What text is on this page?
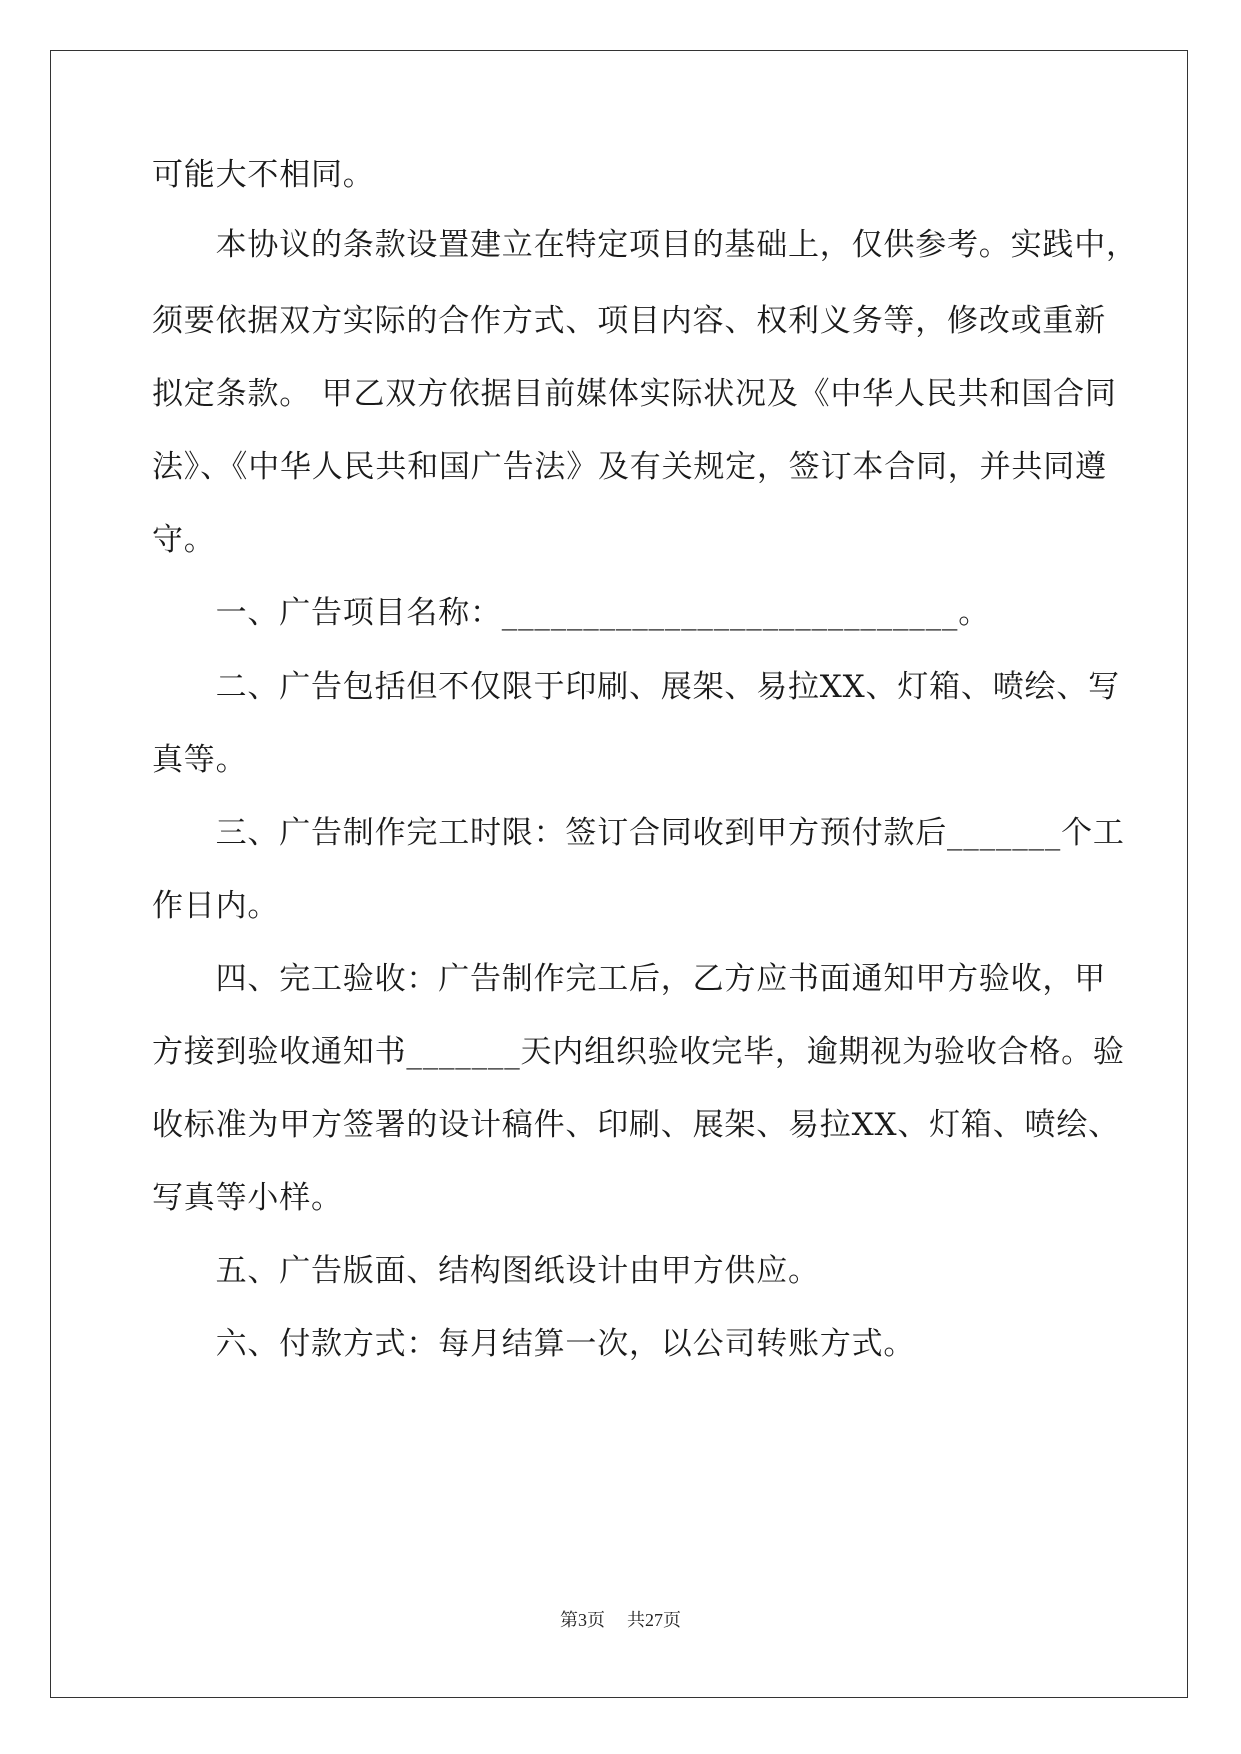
可能大不相同。
　　本协议的条款设置建立在特定项目的基础上，仅供参考。实践中，
须要依据双方实际的合作方式、项目内容、权利义务等，修改或重新
拟定条款。 甲乙双方依据目前媒体实际状况及《中华人民共和国合同
法》、《中华人民共和国广告法》及有关规定，签订本合同，并共同遵
守。
　　一、广告项目名称：____________________________。
　　二、广告包括但不仅限于印刷、展架、易拉XX、灯箱、喷绘、写
真等。
　　三、广告制作完工时限：签订合同收到甲方预付款后_______个工
作日内。
　　四、完工验收：广告制作完工后，乙方应书面通知甲方验收，甲
方接到验收通知书_______天内组织验收完毕，逾期视为验收合格。验
收标准为甲方签署的设计稿件、印刷、展架、易拉XX、灯箱、喷绘、
写真等小样。
　　五、广告版面、结构图纸设计由甲方供应。
　　六、付款方式：每月结算一次，以公司转账方式。
第3页 共27页
